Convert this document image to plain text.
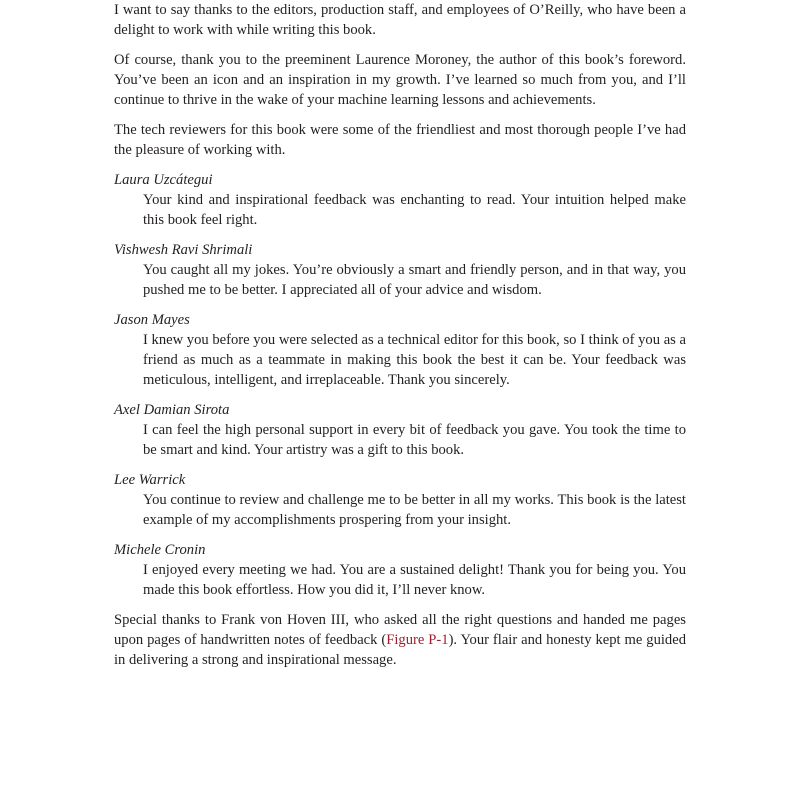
I want to say thanks to the editors, production staff, and employees of O’Reilly, who have been a delight to work with while writing this book.

Of course, thank you to the preeminent Laurence Moroney, the author of this book’s foreword. You’ve been an icon and an inspiration in my growth. I’ve learned so much from you, and I’ll continue to thrive in the wake of your machine learning lessons and achievements.

The tech reviewers for this book were some of the friendliest and most thorough people I’ve had the pleasure of working with.

Laura Uzcátegui

Your kind and inspirational feedback was enchanting to read. Your intuition helped make this book feel right.

Vishwesh Ravi Shrimali

You caught all my jokes. You’re obviously a smart and friendly person, and in that way, you pushed me to be better. I appreciated all of your advice and wisdom.

Jason Mayes

I knew you before you were selected as a technical editor for this book, so I think of you as a friend as much as a teammate in making this book the best it can be. Your feedback was meticulous, intelligent, and irreplaceable. Thank you sincerely.

Axel Damian Sirota

I can feel the high personal support in every bit of feedback you gave. You took the time to be smart and kind. Your artistry was a gift to this book.

Lee Warrick

You continue to review and challenge me to be better in all my works. This book is the latest example of my accomplishments prospering from your insight.

Michele Cronin

I enjoyed every meeting we had. You are a sustained delight! Thank you for being you. You made this book effortless. How you did it, I’ll never know.

Special thanks to Frank von Hoven III, who asked all the right questions and handed me pages upon pages of handwritten notes of feedback (Figure P-1). Your flair and honesty kept me guided in delivering a strong and inspirational message.
